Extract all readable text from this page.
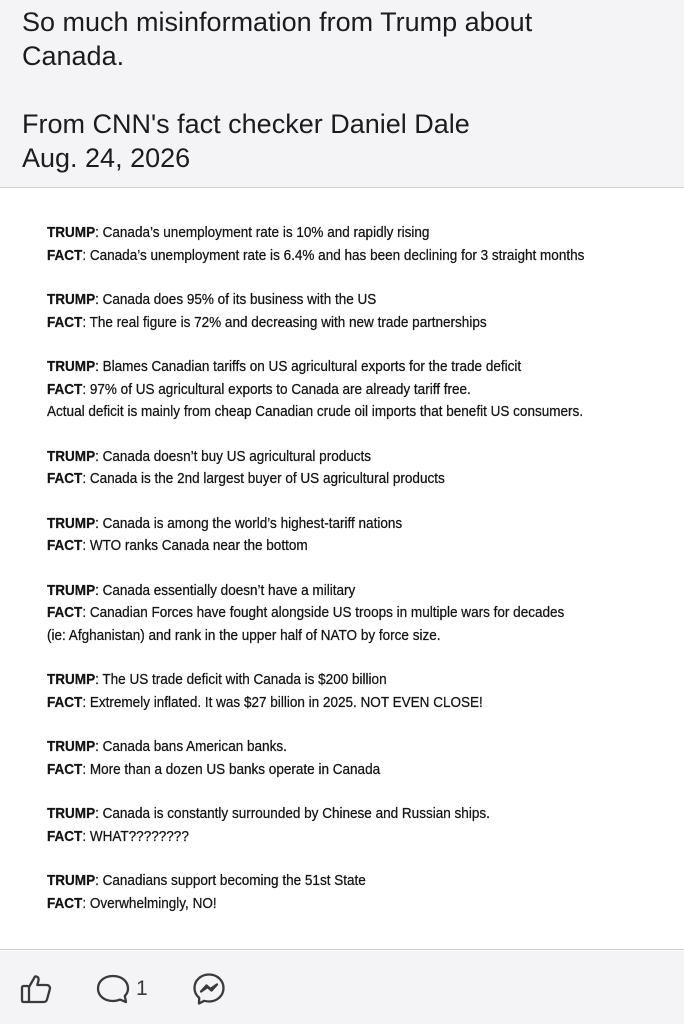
So much misinformation from Trump about
Canada.
From CNN's fact checker Daniel Dale
Aug. 24, 2026
TRUMP: Canada’s unemployment rate is 10% and rapidly rising
FACT: Canada’s unemployment rate is 6.4% and has been declining for 3 straight months
TRUMP: Canada does 95% of its business with the US
FACT: The real figure is 72% and decreasing with new trade partnerships
TRUMP: Blames Canadian tariffs on US agricultural exports for the trade deficit
FACT: 97% of US agricultural exports to Canada are already tariff free.
Actual deficit is mainly from cheap Canadian crude oil imports that benefit US consumers.
TRUMP: Canada doesn’t buy US agricultural products
FACT: Canada is the 2nd largest buyer of US agricultural products
TRUMP: Canada is among the world’s highest-tariff nations
FACT: WTO ranks Canada near the bottom
TRUMP: Canada essentially doesn’t have a military
FACT: Canadian Forces have fought alongside US troops in multiple wars for decades
(ie: Afghanistan) and rank in the upper half of NATO by force size.
TRUMP: The US trade deficit with Canada is $200 billion
FACT: Extremely inflated. It was $27 billion in 2025. NOT EVEN CLOSE!
TRUMP: Canada bans American banks.
FACT: More than a dozen US banks operate in Canada
TRUMP: Canada is constantly surrounded by Chinese and Russian ships.
FACT: WHAT????????
TRUMP: Canadians support becoming the 51st State
FACT: Overwhelmingly, NO!
1
